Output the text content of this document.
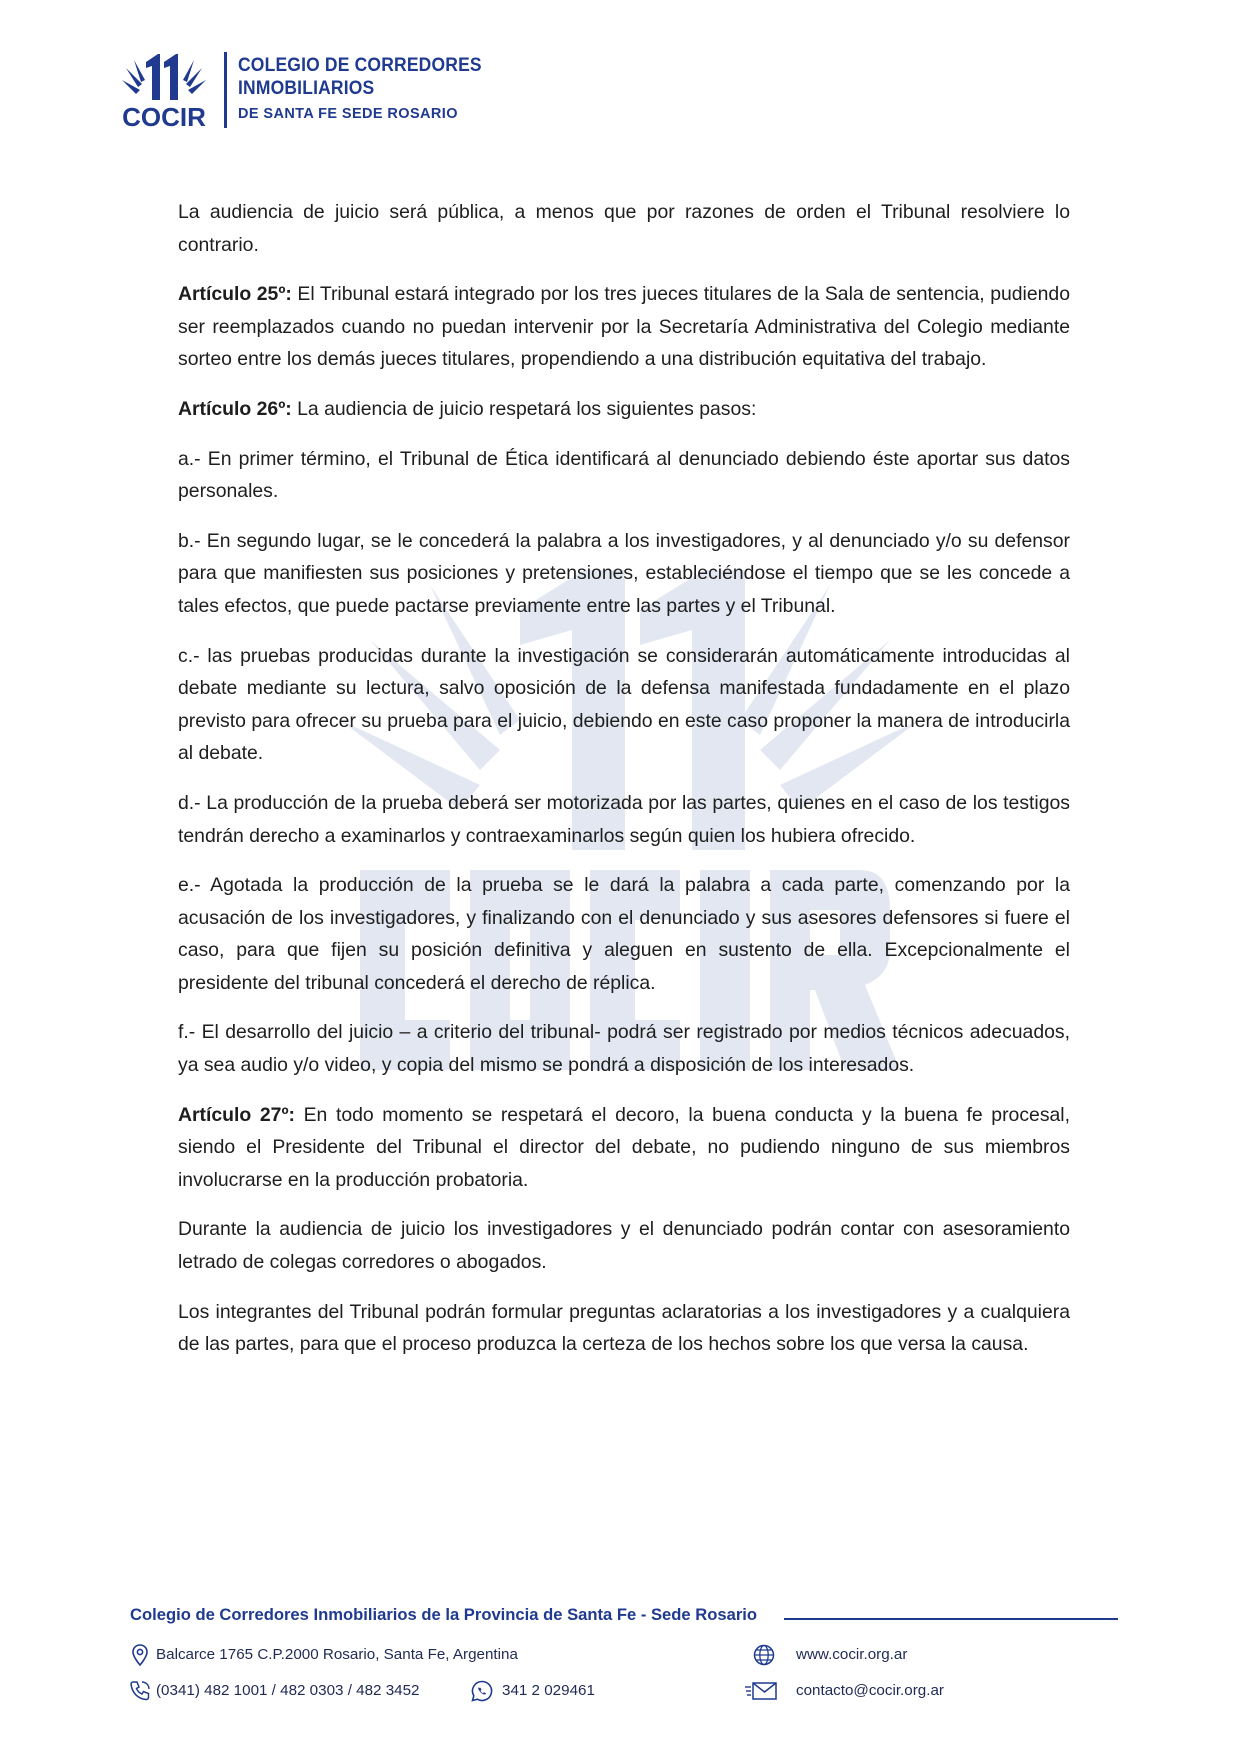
COCIR
COLEGIO DE CORREDORES
INMOBILIARIOS
DE SANTA FE SEDE ROSARIO

La audiencia de juicio será pública, a menos que por razones de orden el Tribunal resolviere lo contrario.

Artículo 25º: El Tribunal estará integrado por los tres jueces titulares de la Sala de sentencia, pudiendo ser reemplazados cuando no puedan intervenir por la Secretaría Administrativa del Colegio mediante sorteo entre los demás jueces titulares, propendiendo a una distribución equitativa del trabajo.

Artículo 26º: La audiencia de juicio respetará los siguientes pasos:

a.- En primer término, el Tribunal de Ética identificará al denunciado debiendo éste aportar sus datos personales.

b.- En segundo lugar, se le concederá la palabra a los investigadores, y al denunciado y/o su defensor para que manifiesten sus posiciones y pretensiones, estableciéndose el tiempo que se les concede a tales efectos, que puede pactarse previamente entre las partes y el Tribunal.

c.- las pruebas producidas durante la investigación se considerarán automáticamente introducidas al debate mediante su lectura, salvo oposición de la defensa manifestada fundadamente en el plazo previsto para ofrecer su prueba para el juicio, debiendo en este caso proponer la manera de introducirla al debate.

d.- La producción de la prueba deberá ser motorizada por las partes, quienes en el caso de los testigos tendrán derecho a examinarlos y contraexaminarlos según quien los hubiera ofrecido.

e.- Agotada la producción de la prueba se le dará la palabra a cada parte, comenzando por la acusación de los investigadores, y finalizando con el denunciado y sus asesores defensores si fuere el caso, para que fijen su posición definitiva y aleguen en sustento de ella. Excepcionalmente el presidente del tribunal concederá el derecho de réplica.

f.- El desarrollo del juicio – a criterio del tribunal- podrá ser registrado por medios técnicos adecuados, ya sea audio y/o video, y copia del mismo se pondrá a disposición de los interesados.

Artículo 27º: En todo momento se respetará el decoro, la buena conducta y la buena fe procesal, siendo el Presidente del Tribunal el director del debate, no pudiendo ninguno de sus miembros involucrarse en la producción probatoria.

Durante la audiencia de juicio los investigadores y el denunciado podrán contar con asesoramiento letrado de colegas corredores o abogados.

Los integrantes del Tribunal podrán formular preguntas aclaratorias a los investigadores y a cualquiera de las partes, para que el proceso produzca la certeza de los hechos sobre los que versa la causa.

Colegio de Corredores Inmobiliarios de la Provincia de Santa Fe - Sede Rosario
Balcarce 1765 C.P.2000 Rosario, Santa Fe, Argentina
(0341) 482 1001 / 482 0303 / 482 3452	341 2 029461
www.cocir.org.ar
contacto@cocir.org.ar
